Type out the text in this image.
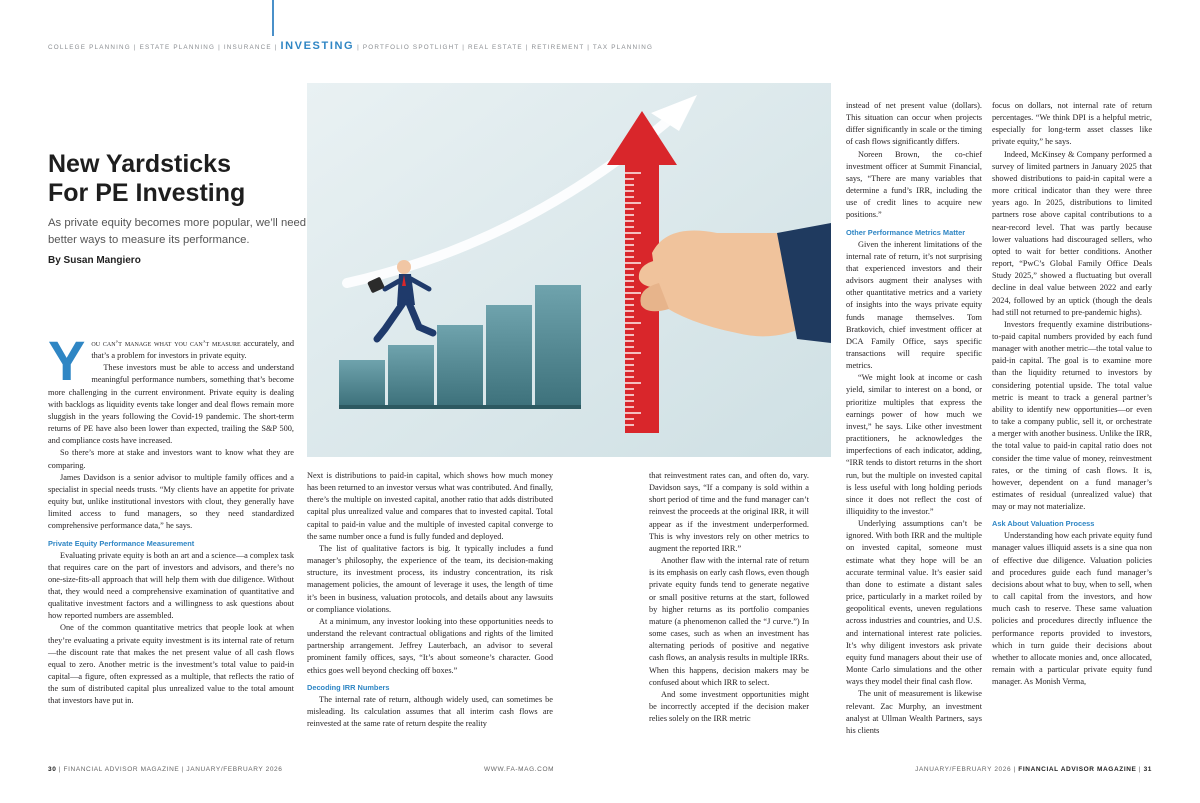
COLLEGE PLANNING | ESTATE PLANNING | INSURANCE | INVESTING | PORTFOLIO SPOTLIGHT | REAL ESTATE | RETIREMENT | TAX PLANNING
New Yardsticks
For PE Investing

As private equity becomes more popular, we’ll need better ways to measure its performance.

By Susan Mangiero

Y ou can’t manage what you can’t measure accurately, and that’s a problem for investors in private equity.

These investors must be able to access and understand meaningful performance numbers, something that’s become more challenging in the current environment. Private equity is dealing with backlogs as liquidity events take longer and deal flows remain more sluggish in the years following the Covid-19 pandemic. The short-term returns of PE have also been lower than expected, trailing the S&P 500, and compliance costs have increased.

So there’s more at stake and investors want to know what they are comparing.

James Davidson is a senior advisor to multiple family offices and a specialist in special needs trusts. “My clients have an appetite for private equity but, unlike institutional investors with clout, they generally have limited access to fund managers, so they need standardized comprehensive performance data,” he says.

Private Equity Performance Measurement

Evaluating private equity is both an art and a science—a complex task that requires care on the part of investors and advisors, and there’s no one-size-fits-all approach that will help them with due diligence. Without that, they would need a comprehensive examination of quantitative and qualitative investment factors and a willingness to ask questions about how reported numbers are assembled.

One of the common quantitative metrics that people look at when they’re evaluating a private equity investment is its internal rate of return—the discount rate that makes the net present value of all cash flows equal to zero. Another metric is the investment’s total value to paid-in capital—a figure, often expressed as a multiple, that reflects the ratio of the sum of distributed capital plus unrealized value to the total amount that investors have put in.

Next is distributions to paid-in capital, which shows how much money has been returned to an investor versus what was contributed. And finally, there’s the multiple on invested capital, another ratio that adds distributed capital plus unrealized value and compares that to invested capital. Total capital to paid-in value and the multiple of invested capital converge to the same number once a fund is fully funded and deployed.

The list of qualitative factors is big. It typically includes a fund manager’s philosophy, the experience of the team, its decision-making structure, its investment process, its industry concentration, its risk management policies, the amount of leverage it uses, the length of time it’s been in business, valuation protocols, and details about any lawsuits or compliance violations.

At a minimum, any investor looking into these opportunities needs to understand the relevant contractual obligations and rights of the limited partnership arrangement. Jeffrey Lauterbach, an advisor to several prominent family offices, says, “It’s about someone’s character. Good ethics goes well beyond checking off boxes.”

Decoding IRR Numbers

The internal rate of return, although widely used, can sometimes be misleading. Its calculation assumes that all interim cash flows are reinvested at the same rate of return despite the reality

that reinvestment rates can, and often do, vary. Davidson says, “If a company is sold within a short period of time and the fund manager can’t reinvest the proceeds at the original IRR, it will appear as if the investment underperformed. This is why investors rely on other metrics to augment the reported IRR.”

Another flaw with the internal rate of return is its emphasis on early cash flows, even though private equity funds tend to generate negative or small positive returns at the start, followed by higher returns as its portfolio companies mature (a phenomenon called the “J curve.”) In some cases, such as when an investment has alternating periods of positive and negative cash flows, an analysis results in multiple IRRs. When this happens, decision makers may be confused about which IRR to select.

And some investment opportunities might be incorrectly accepted if the decision maker relies solely on the IRR metric

instead of net present value (dollars). This situation can occur when projects differ significantly in scale or the timing of cash flows significantly differs.

Noreen Brown, the co-chief investment officer at Summit Financial, says, “There are many variables that determine a fund’s IRR, including the use of credit lines to acquire new positions.”

Other Performance Metrics Matter

Given the inherent limitations of the internal rate of return, it’s not surprising that experienced investors and their advisors augment their analyses with other quantitative metrics and a variety of insights into the ways private equity funds manage themselves. Tom Bratkovich, chief investment officer at DCA Family Office, says specific transactions will require specific metrics.

“We might look at income or cash yield, similar to interest on a bond, or prioritize multiples that express the earnings power of how much we invest,” he says. Like other investment practitioners, he acknowledges the imperfections of each indicator, adding, “IRR tends to distort returns in the short run, but the multiple on invested capital is less useful with long holding periods since it does not reflect the cost of illiquidity to the investor.”

Underlying assumptions can’t be ignored. With both IRR and the multiple on invested capital, someone must estimate what they hope will be an accurate terminal value. It’s easier said than done to estimate a distant sales price, particularly in a market roiled by geopolitical events, uneven regulations across industries and countries, and U.S. and international interest rate policies. It’s why diligent investors ask private equity fund managers about their use of Monte Carlo simulations and the other ways they model their final cash flow.

The unit of measurement is likewise relevant. Zac Murphy, an investment analyst at Ullman Wealth Partners, says his clients

focus on dollars, not internal rate of return percentages. “We think DPI is a helpful metric, especially for long-term asset classes like private equity,” he says.

Indeed, McKinsey & Company performed a survey of limited partners in January 2025 that showed distributions to paid-in capital were a more critical indicator than they were three years ago. In 2025, distributions to limited partners rose above capital contributions to a near-record level. That was partly because lower valuations had discouraged sellers, who opted to wait for better conditions. Another report, “PwC’s Global Family Office Deals Study 2025,” showed a fluctuating but overall decline in deal value between 2022 and early 2024, followed by an uptick (though the deals had still not returned to pre-pandemic highs).

Investors frequently examine distributions-to-paid capital numbers provided by each fund manager with another metric—the total value to paid-in capital. The goal is to examine more than the liquidity returned to investors by considering potential upside. The total value metric is meant to track a general partner’s ability to identify new opportunities—or even to take a company public, sell it, or orchestrate a merger with another business. Unlike the IRR, the total value to paid-in capital ratio does not consider the time value of money, reinvestment rates, or the timing of cash flows. It is, however, dependent on a fund manager’s estimates of residual (unrealized value) that may or may not materialize.

Ask About Valuation Process

Understanding how each private equity fund manager values illiquid assets is a sine qua non of effective due diligence. Valuation policies and procedures guide each fund manager’s decisions about what to buy, when to sell, when to call capital from the investors, and how much cash to reserve. These same valuation policies and procedures directly influence the performance reports provided to investors, which in turn guide their decisions about whether to allocate monies and, once allocated, remain with a particular private equity fund manager. As Monish Verma,

30 | FINANCIAL ADVISOR MAGAZINE | JANUARY/FEBRUARY 2026	WWW.FA-MAG.COM	JANUARY/FEBRUARY 2026 | FINANCIAL ADVISOR MAGAZINE | 31
